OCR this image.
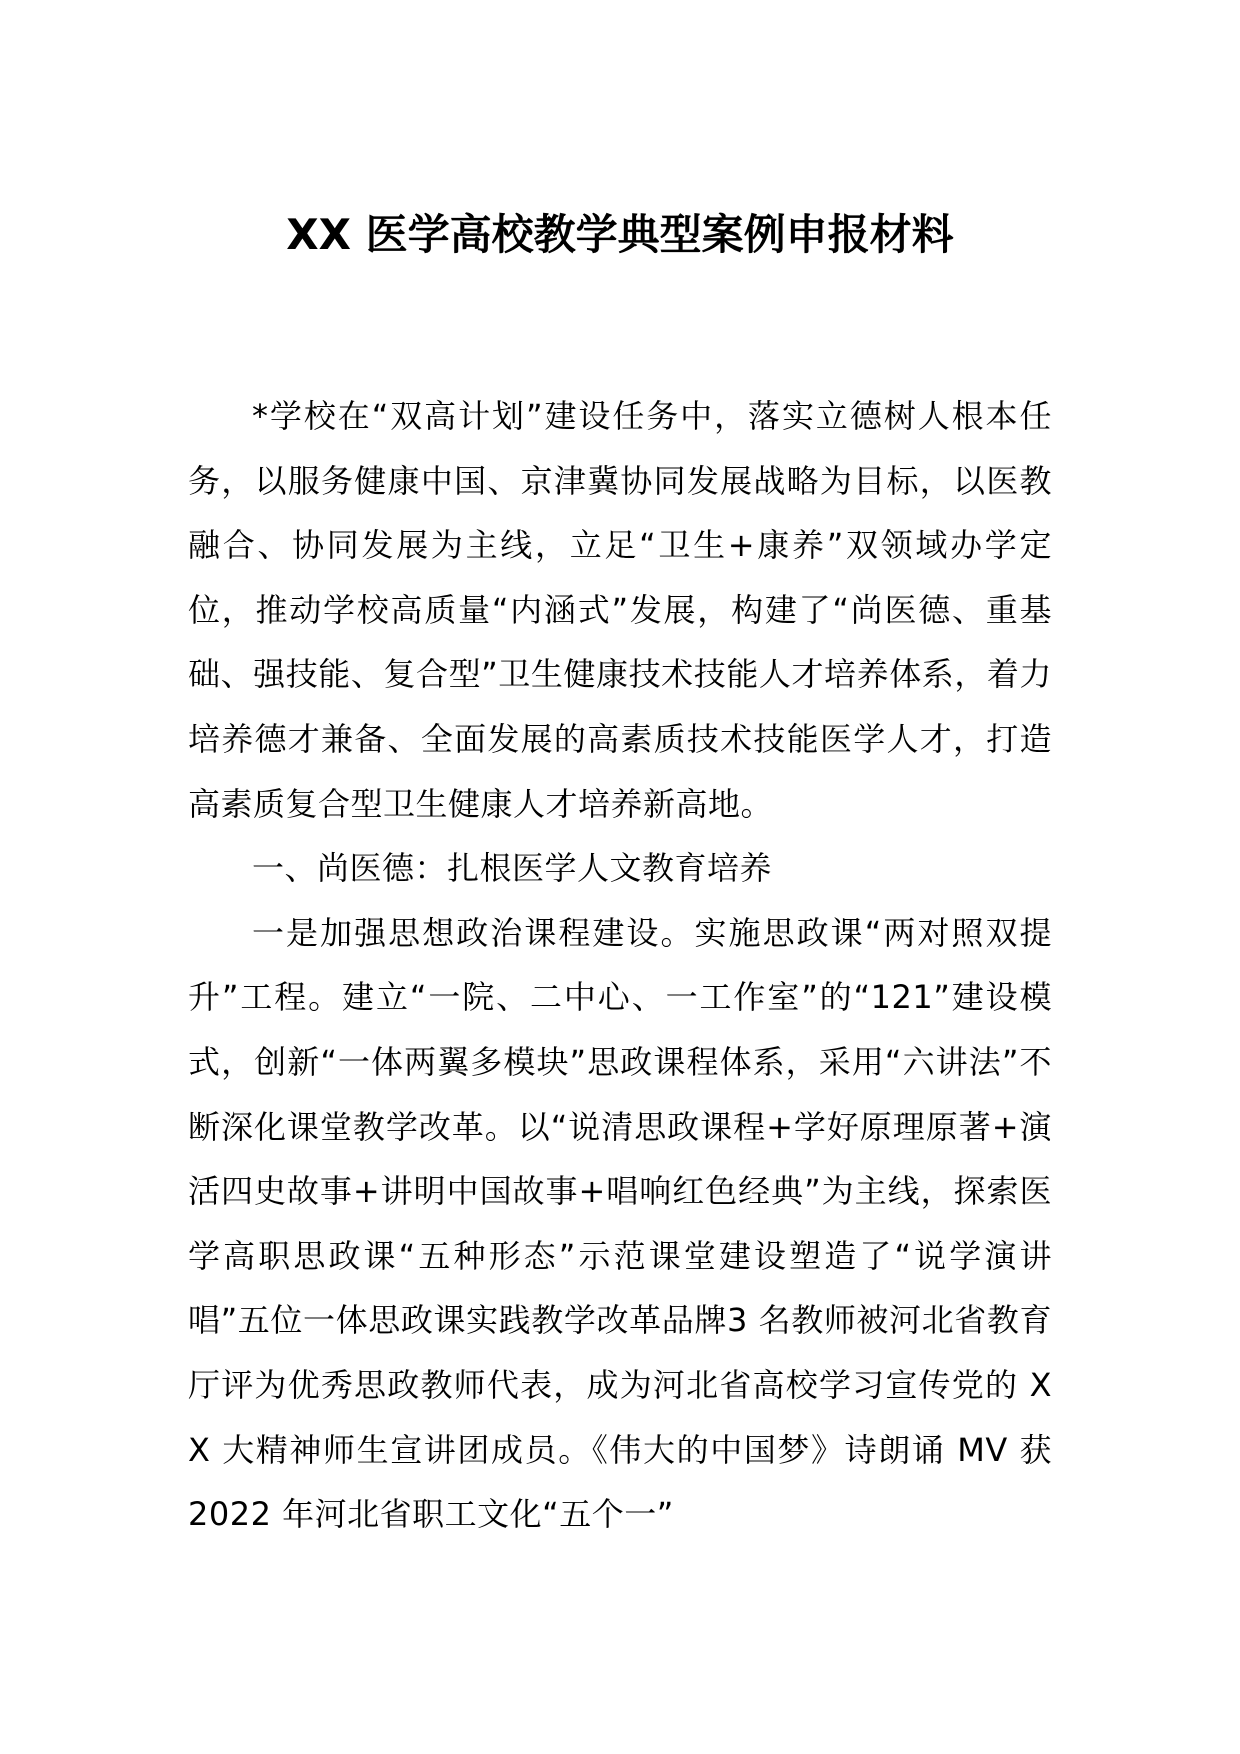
XX 医学高校教学典型案例申报材料

*学校在“双高计划”建设任务中，落实立德树人根本任务，以服务健康中国、京津冀协同发展战略为目标，以医教融合、协同发展为主线，立足“卫生+康养”双领域办学定位，推动学校高质量“内涵式”发展，构建了“尚医德、重基础、强技能、复合型”卫生健康技术技能人才培养体系，着力培养德才兼备、全面发展的高素质技术技能医学人才，打造高素质复合型卫生健康人才培养新高地。

一、尚医德：扎根医学人文教育培养

一是加强思想政治课程建设。实施思政课“两对照双提升”工程。建立“一院、二中心、一工作室”的“121”建设模式，创新“一体两翼多模块”思政课程体系，采用“六讲法”不断深化课堂教学改革。以“说清思政课程+学好原理原著+演活四史故事+讲明中国故事+唱响红色经典”为主线，探索医学高职思政课“五种形态”示范课堂建设塑造了“说学演讲唱”五位一体思政课实践教学改革品牌3 名教师被河北省教育厅评为优秀思政教师代表，成为河北省高校学习宣传党的 XX 大精神师生宣讲团成员。《伟大的中国梦》诗朗诵 MV 获 2022 年河北省职工文化“五个一”
